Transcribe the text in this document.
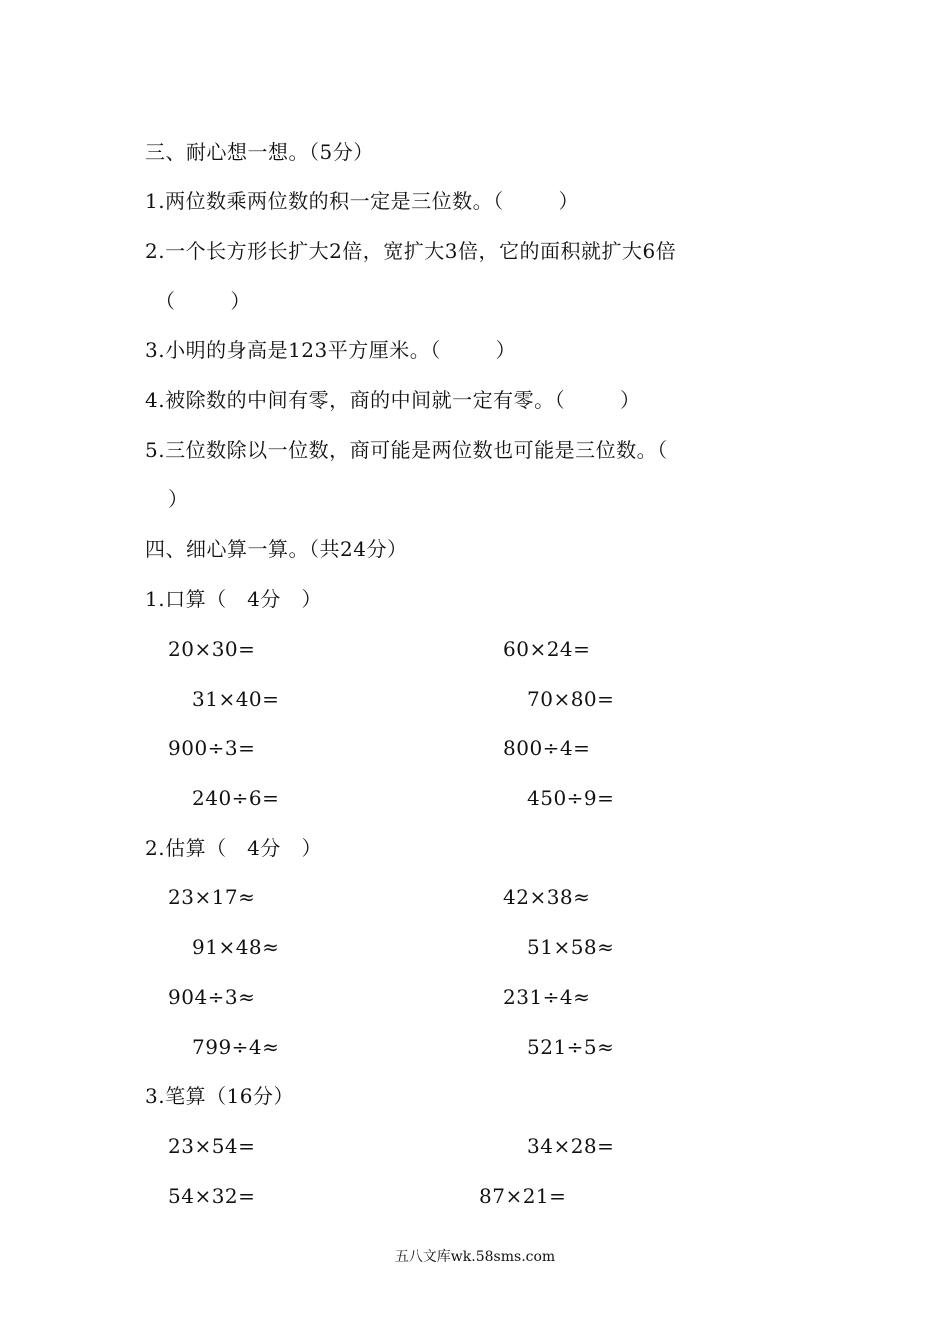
三、耐心想一想。（5分）
1.两位数乘两位数的积一定是三位数。（        ）
2.一个长方形长扩大2倍，宽扩大3倍，它的面积就扩大6倍
（        ）
3.小明的身高是123平方厘米。（        ）
4.被除数的中间有零，商的中间就一定有零。（        ）
5.三位数除以一位数，商可能是两位数也可能是三位数。（
）
四、细心算一算。（共24分）
1.口算（   4分   ）
20×30=	60×24=
31×40=	70×80=
900÷3=	800÷4=
240÷6=	450÷9=
2.估算（   4分   ）
23×17≈	42×38≈
91×48≈	51×58≈
904÷3≈	231÷4≈
799÷4≈	521÷5≈
3.笔算（16分）
23×54=	34×28=
54×32=	87×21=
五八文库wk.58sms.com
